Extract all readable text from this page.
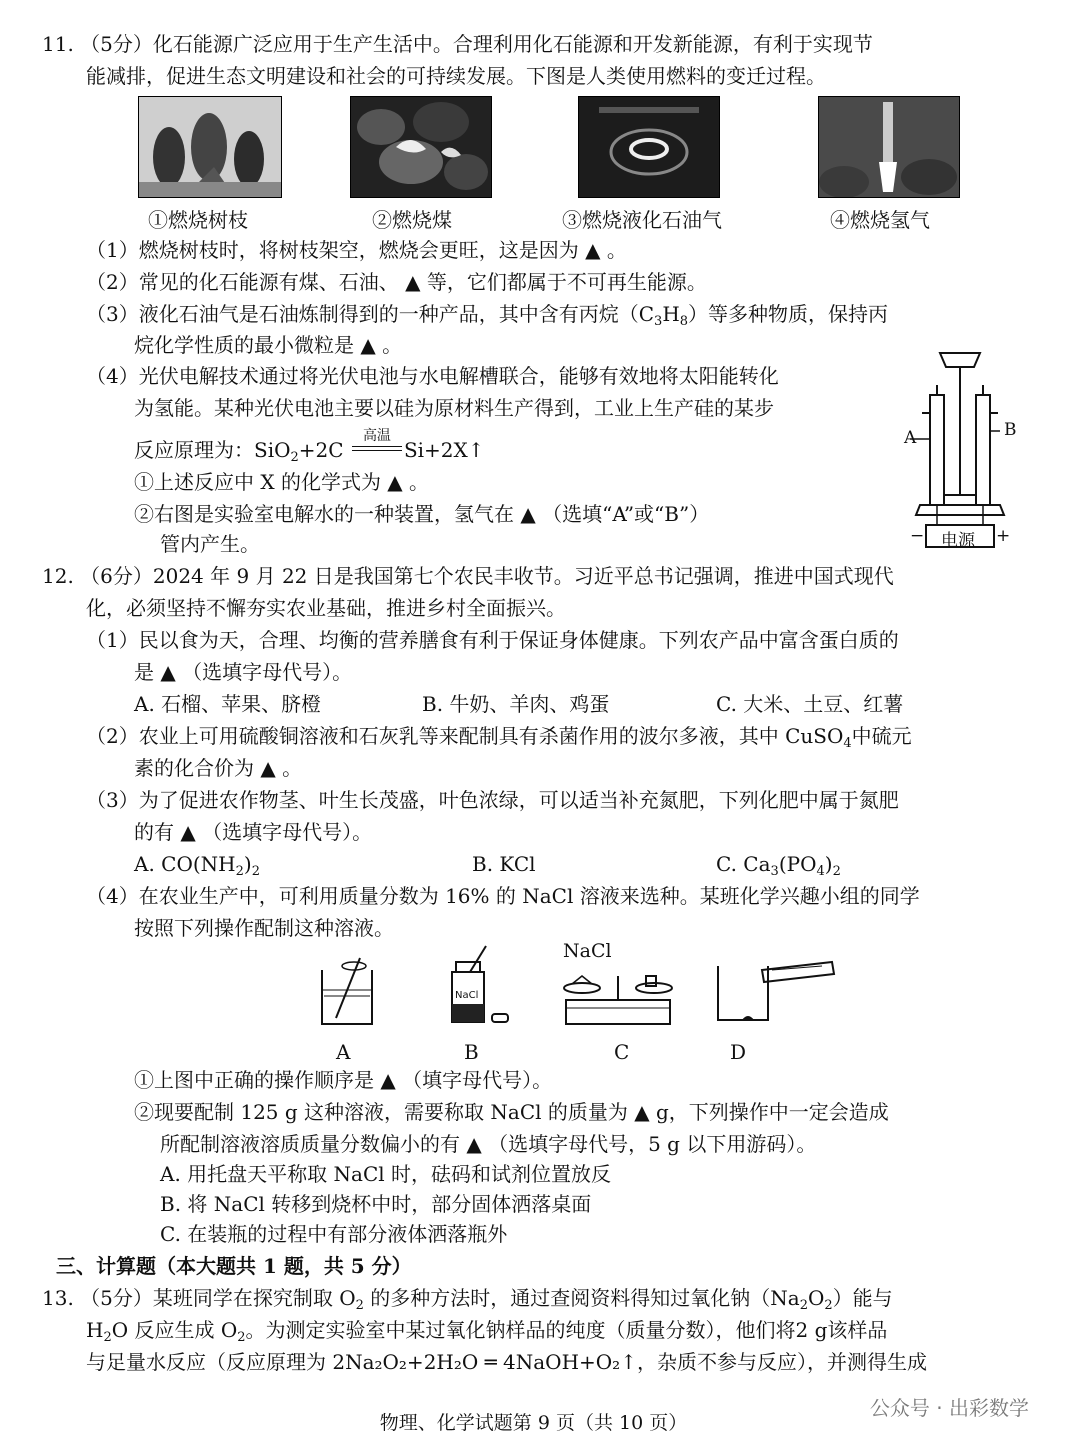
11. （5分）化石能源广泛应用于生产生活中。合理利用化石能源和开发新能源，有利于实现节
能减排，促进生态文明建设和社会的可持续发展。下图是人类使用燃料的变迁过程。
①燃烧树枝	②燃烧煤	③燃烧液化石油气	④燃烧氢气
（1）燃烧树枝时，将树枝架空，燃烧会更旺，这是因为 ▲ 。
（2）常见的化石能源有煤、石油、 ▲ 等，它们都属于不可再生能源。
（3）液化石油气是石油炼制得到的一种产品，其中含有丙烷$(C_3H_8)$等多种物质，保持丙
烷化学性质的最小微粒是 ▲ 。
（4）光伏电解技术通过将光伏电池与水电解槽联合，能够有效地将太阳能转化
为氢能。某种光伏电池主要以硅为原材料生产得到，工业上生产硅的某步
反应原理为：SiO$_2$+2C
高温
Si+2X↑
①上述反应中 X 的化学式为 ▲ 。
②右图是实验室电解水的一种装置，氢气在 ▲ （选填“A”或“B”）
管内产生。
A	B
电源
−	+
12. （6分）2024 年 9 月 22 日是我国第七个农民丰收节。习近平总书记强调，推进中国式现代
化，必须坚持不懈夯实农业基础，推进乡村全面振兴。
（1）民以食为天，合理、均衡的营养膳食有利于保证身体健康。下列农产品中富含蛋白质的
是 ▲ （选填字母代号）。
A. 石榴、苹果、脐橙	B. 牛奶、羊肉、鸡蛋	C. 大米、土豆、红薯
（2）农业上可用硫酸铜溶液和石灰乳等来配制具有杀菌作用的波尔多液，其中 CuSO$_4$中硫元
素的化合价为 ▲ 。
（3）为了促进农作物茎、叶生长茂盛，叶色浓绿，可以适当补充氮肥，下列化肥中属于氮肥
的有 ▲ （选填字母代号）。
A. $CO(NH_2)_2$	B. KCl	C. $Ca_3(PO_4)_2$
（4）在农业生产中，可利用质量分数为 16% 的 NaCl 溶液来选种。某班化学兴趣小组的同学
按照下列操作配制这种溶液。
NaCl
NaCl
A	B	C	D
①上图中正确的操作顺序是 ▲ （填字母代号）。
②现要配制 125 g 这种溶液，需要称取 NaCl 的质量为 ▲ g，下列操作中一定会造成
所配制溶液溶质质量分数偏小的有 ▲ （选填字母代号，5 g 以下用游码）。
A. 用托盘天平称取 NaCl 时，砝码和试剂位置放反
B. 将 NaCl 转移到烧杯中时，部分固体洒落桌面
C. 在装瓶的过程中有部分液体洒落瓶外
三、计算题（本大题共 1 题，共 5 分）
13. （5分）某班同学在探究制取 $O_2$ 的多种方法时，通过查阅资料得知过氧化钠$(Na_2O_2)$能与
$H_2O$ 反应生成 $O_2$。为测定实验室中某过氧化钠样品的纯度（质量分数），他们将2 g该样品
与足量水反应（反应原理为 2Na₂O₂+2H₂O ═ 4NaOH+O₂↑，杂质不参与反应），并测得生成
物理、化学试题第 9 页（共 10 页）
公众号 · 出彩数学
